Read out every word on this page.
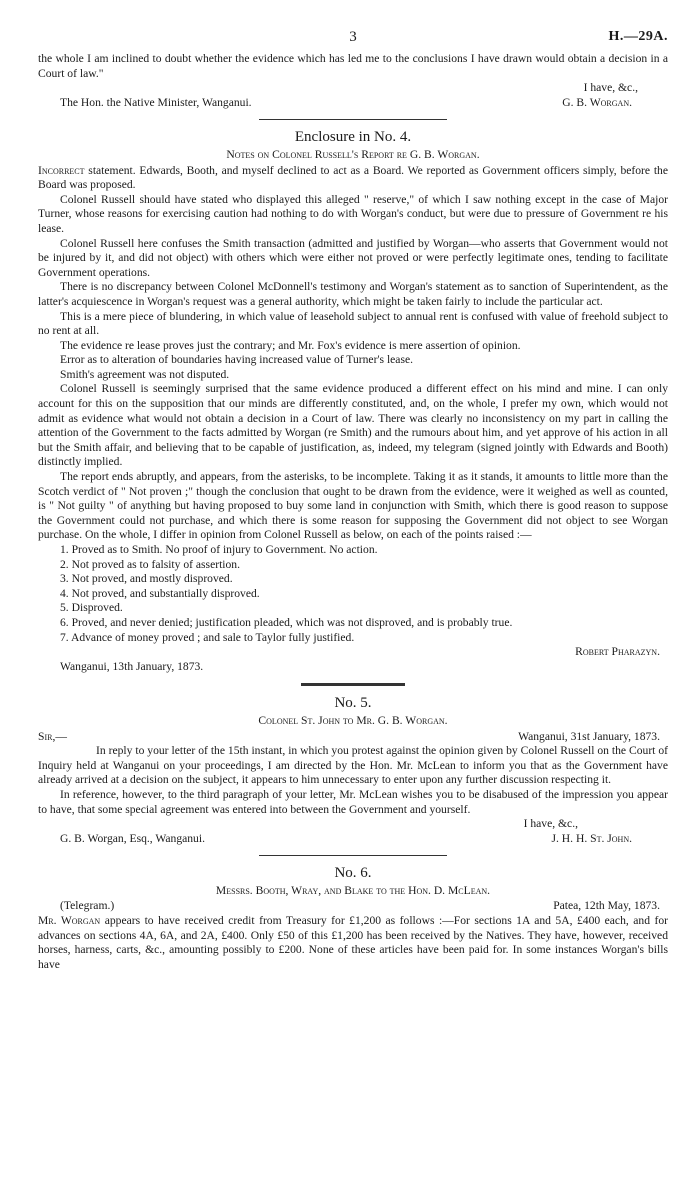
3	H.—29A.

the whole I am inclined to doubt whether the evidence which has led me to the conclusions I have drawn would obtain a decision in a Court of law."

I have, &c.,
The Hon. the Native Minister, Wanganui.	G. B. Worgan.
Enclosure in No. 4.
Notes on Colonel Russell's Report re G. B. Worgan.

Incorrect statement. Edwards, Booth, and myself declined to act as a Board. We reported as Government officers simply, before the Board was proposed.

Colonel Russell should have stated who displayed this alleged " reserve," of which I saw nothing except in the case of Major Turner, whose reasons for exercising caution had nothing to do with Worgan's conduct, but were due to pressure of Government re his lease.

Colonel Russell here confuses the Smith transaction (admitted and justified by Worgan—who asserts that Government would not be injured by it, and did not object) with others which were either not proved or were perfectly legitimate ones, tending to facilitate Government operations.

There is no discrepancy between Colonel McDonnell's testimony and Worgan's statement as to sanction of Superintendent, as the latter's acquiescence in Worgan's request was a general authority, which might be taken fairly to include the particular act.

This is a mere piece of blundering, in which value of leasehold subject to annual rent is confused with value of freehold subject to no rent at all.

The evidence re lease proves just the contrary; and Mr. Fox's evidence is mere assertion of opinion.

Error as to alteration of boundaries having increased value of Turner's lease.

Smith's agreement was not disputed.

Colonel Russell is seemingly surprised that the same evidence produced a different effect on his mind and mine. I can only account for this on the supposition that our minds are differently constituted, and, on the whole, I prefer my own, which would not admit as evidence what would not obtain a decision in a Court of law. There was clearly no inconsistency on my part in calling the attention of the Government to the facts admitted by Worgan (re Smith) and the rumours about him, and yet approve of his action in all but the Smith affair, and believing that to be capable of justification, as, indeed, my telegram (signed jointly with Edwards and Booth) distinctly implied.

The report ends abruptly, and appears, from the asterisks, to be incomplete. Taking it as it stands, it amounts to little more than the Scotch verdict of " Not proven ;" though the conclusion that ought to be drawn from the evidence, were it weighed as well as counted, is " Not guilty " of anything but having proposed to buy some land in conjunction with Smith, which there is good reason to suppose the Government could not purchase, and which there is some reason for supposing the Government did not object to see Worgan purchase. On the whole, I differ in opinion from Colonel Russell as below, on each of the points raised :—

1. Proved as to Smith. No proof of injury to Government. No action.

2. Not proved as to falsity of assertion.

3. Not proved, and mostly disproved.

4. Not proved, and substantially disproved.

5. Disproved.

6. Proved, and never denied; justification pleaded, which was not disproved, and is probably true.

7. Advance of money proved ; and sale to Taylor fully justified.

Robert Pharazyn.
Wanganui, 13th January, 1873.
No. 5.
Colonel St. John to Mr. G. B. Worgan.
Sir,—	Wanganui, 31st January, 1873.

In reply to your letter of the 15th instant, in which you protest against the opinion given by Colonel Russell on the Court of Inquiry held at Wanganui on your proceedings, I am directed by the Hon. Mr. McLean to inform you that as the Government have already arrived at a decision on the subject, it appears to him unnecessary to enter upon any further discussion respecting it.

In reference, however, to the third paragraph of your letter, Mr. McLean wishes you to be disabused of the impression you appear to have, that some special agreement was entered into between the Government and yourself.

I have, &c.,
G. B. Worgan, Esq., Wanganui.	J. H. H. St. John.
No. 6.
Messrs. Booth, Wray, and Blake to the Hon. D. McLean.
(Telegram.)	Patea, 12th May, 1873.

Mr. Worgan appears to have received credit from Treasury for £1,200 as follows :—For sections 1A and 5A, £400 each, and for advances on sections 4A, 6A, and 2A, £400. Only £50 of this £1,200 has been received by the Natives. They have, however, received horses, harness, carts, &c., amounting possibly to £200. None of these articles have been paid for. In some instances Worgan's bills have
